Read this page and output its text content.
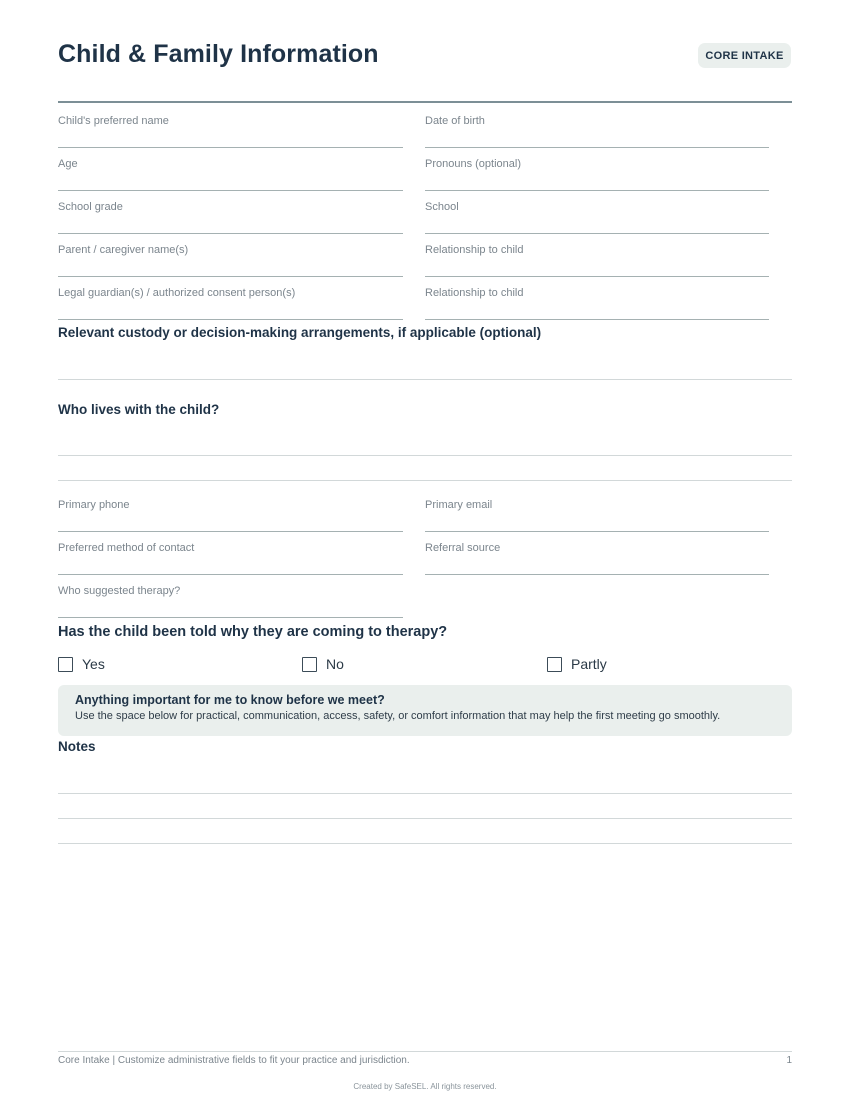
Child & Family Information	CORE INTAKE
Child's preferred name	Date of birth
Age	Pronouns (optional)
School grade	School
Parent / caregiver name(s)	Relationship to child
Legal guardian(s) / authorized consent person(s)	Relationship to child
Relevant custody or decision-making arrangements, if applicable (optional)
Who lives with the child?
Primary phone	Primary email
Preferred method of contact	Referral source
Who suggested therapy?
Has the child been told why they are coming to therapy?
Yes	No	Partly

Anything important for me to know before we meet?

Use the space below for practical, communication, access, safety, or comfort information that may help the first meeting go smoothly.

Notes
Core Intake | Customize administrative fields to fit your practice and jurisdiction.	1
Created by SafeSEL. All rights reserved.
